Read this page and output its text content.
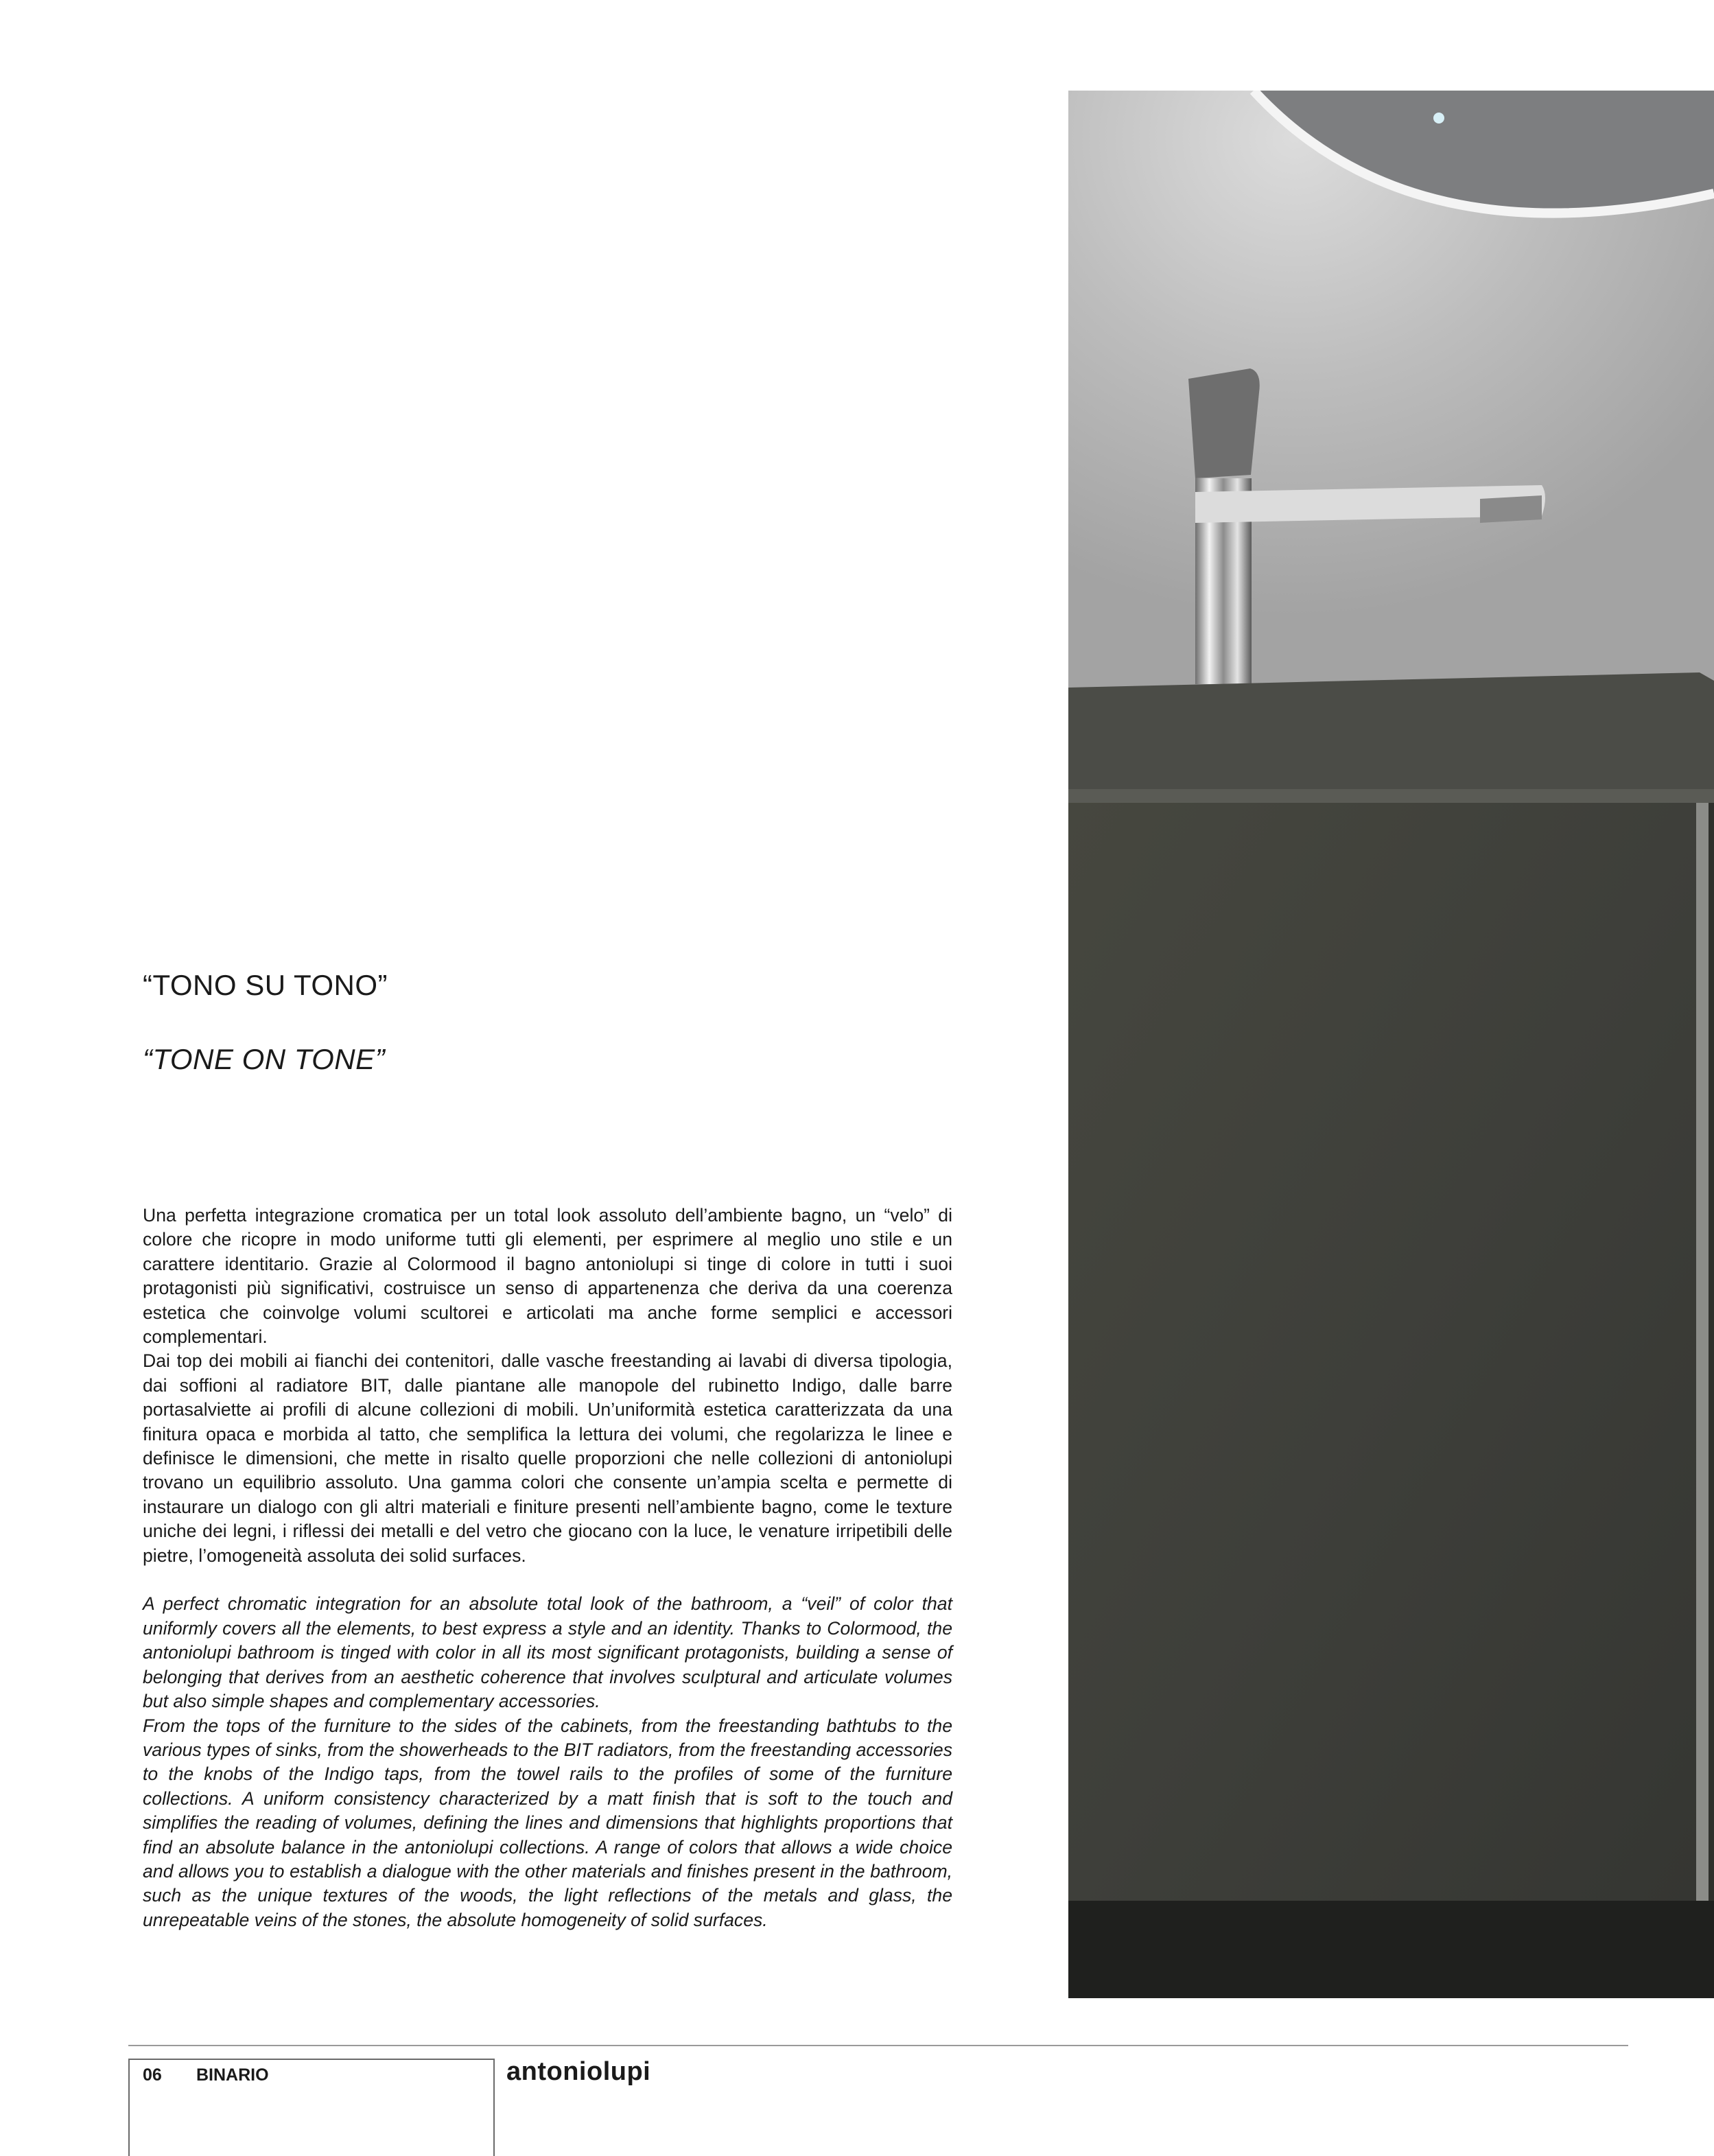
“TONO SU TONO”
“TONE ON TONE”

Una perfetta integrazione cromatica per un total look assoluto dell’ambiente bagno, un “velo” di colore che ricopre in modo uniforme tutti gli elementi, per esprimere al meglio uno stile e un carattere identitario. Grazie al Colormood il bagno antoniolupi si tinge di colore in tutti i suoi protagonisti più significativi, costruisce un senso di appartenenza che deriva da una coerenza estetica che coinvolge volumi scultorei e articolati ma anche forme semplici e accessori complementari.

Dai top dei mobili ai fianchi dei contenitori, dalle vasche freestanding ai lavabi di diversa tipologia, dai soffioni al radiatore BIT, dalle piantane alle manopole del rubinetto Indigo, dalle barre portasalviette ai profili di alcune collezioni di mobili. Un’uniformità estetica caratterizzata da una finitura opaca e morbida al tatto, che semplifica la lettura dei volumi, che regolarizza le linee e definisce le dimensioni, che mette in risalto quelle proporzioni che nelle collezioni di antoniolupi trovano un equilibrio assoluto. Una gamma colori che consente un’ampia scelta e permette di instaurare un dialogo con gli altri materiali e finiture presenti nell’ambiente bagno, come le texture uniche dei legni, i riflessi dei metalli e del vetro che giocano con la luce, le venature irripetibili delle pietre, l’omogeneità assoluta dei solid surfaces.

A perfect chromatic integration for an absolute total look of the bathroom, a “veil” of color that uniformly covers all the elements, to best express a style and an identity. Thanks to Colormood, the antoniolupi bathroom is tinged with color in all its most significant protagonists, building a sense of belonging that derives from an aesthetic coherence that involves sculptural and articulate volumes but also simple shapes and complementary accessories.

From the tops of the furniture to the sides of the cabinets, from the freestanding bathtubs to the various types of sinks, from the showerheads to the BIT radiators, from the freestanding accessories to the knobs of the Indigo taps, from the towel rails to the profiles of some of the furniture collections. A uniform consistency characterized by a matt finish that is soft to the touch and simplifies the reading of volumes, defining the lines and dimensions that highlights proportions that find an absolute balance in the antoniolupi collections. A range of colors that allows a wide choice and allows you to establish a dialogue with the other materials and finishes present in the bathroom, such as the unique textures of the woods, the light reflections of the metals and glass, the unrepeatable veins of the stones, the absolute homogeneity of solid surfaces.

06 BINARIO	antoniolupi
